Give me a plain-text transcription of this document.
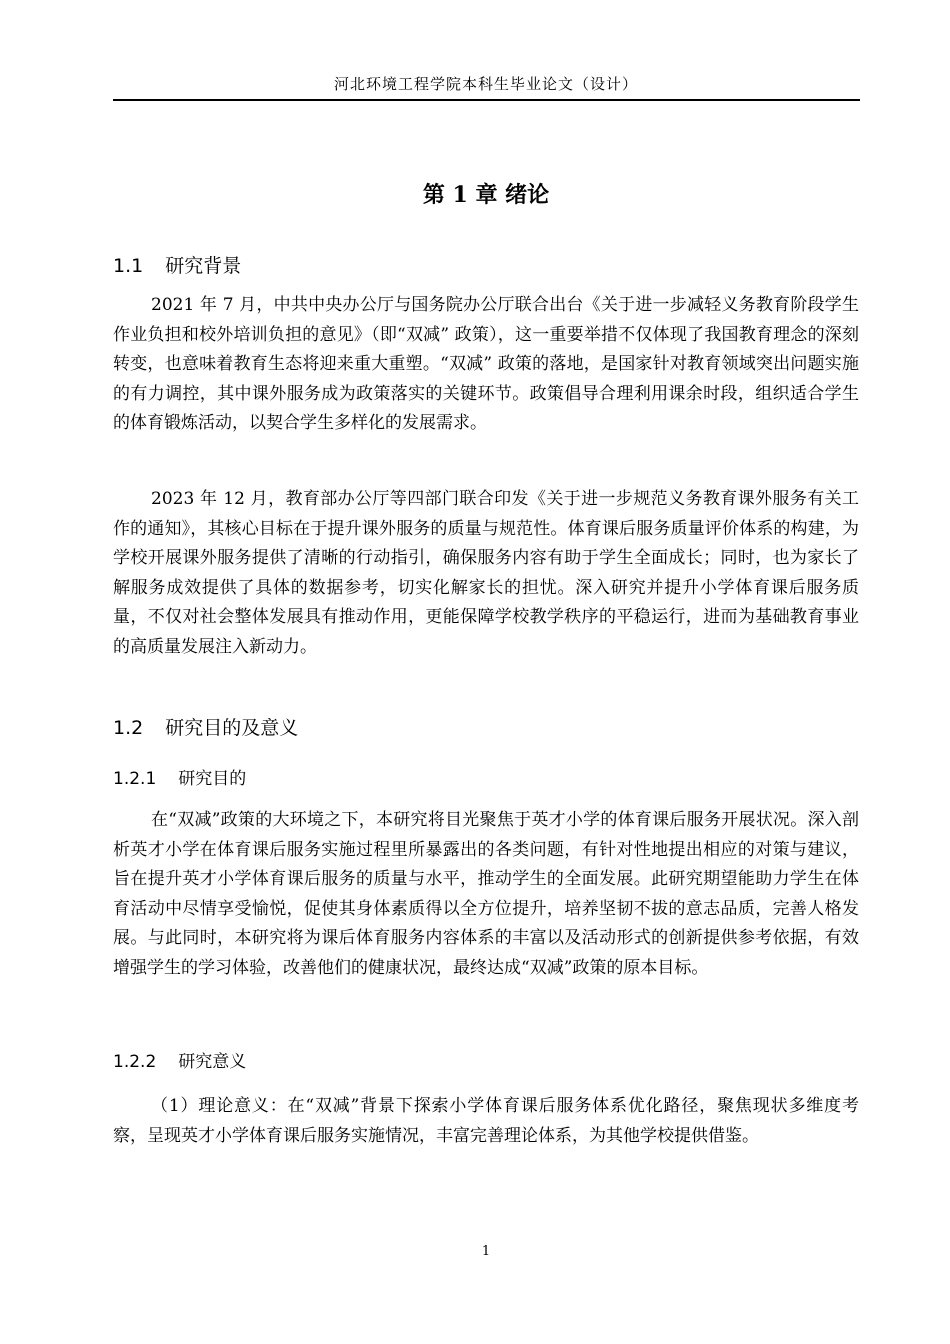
河北环境工程学院本科生毕业论文（设计）
第 1 章 绪论
1.1 研究背景

2021 年 7 月，中共中央办公厅与国务院办公厅联合出台《关于进一步减轻义务教育阶段学生作业负担和校外培训负担的意见》（即“双减” 政策），这一重要举措不仅体现了我国教育理念的深刻转变，也意味着教育生态将迎来重大重塑。“双减” 政策的落地，是国家针对教育领域突出问题实施的有力调控，其中课外服务成为政策落实的关键环节。政策倡导合理利用课余时段，组织适合学生的体育锻炼活动，以契合学生多样化的发展需求。

2023 年 12 月，教育部办公厅等四部门联合印发《关于进一步规范义务教育课外服务有关工作的通知》，其核心目标在于提升课外服务的质量与规范性。体育课后服务质量评价体系的构建，为学校开展课外服务提供了清晰的行动指引，确保服务内容有助于学生全面成长；同时，也为家长了解服务成效提供了具体的数据参考，切实化解家长的担忧。深入研究并提升小学体育课后服务质量，不仅对社会整体发展具有推动作用，更能保障学校教学秩序的平稳运行，进而为基础教育事业的高质量发展注入新动力。

1.2 研究目的及意义
1.2.1 研究目的

在“双减”政策的大环境之下，本研究将目光聚焦于英才小学的体育课后服务开展状况。深入剖析英才小学在体育课后服务实施过程里所暴露出的各类问题，有针对性地提出相应的对策与建议，旨在提升英才小学体育课后服务的质量与水平，推动学生的全面发展。此研究期望能助力学生在体育活动中尽情享受愉悦，促使其身体素质得以全方位提升，培养坚韧不拔的意志品质，完善人格发展。与此同时，本研究将为课后体育服务内容体系的丰富以及活动形式的创新提供参考依据，有效增强学生的学习体验，改善他们的健康状况，最终达成“双减”政策的原本目标。

1.2.2 研究意义

（1）理论意义：在“双减”背景下探索小学体育课后服务体系优化路径，聚焦现状多维度考察，呈现英才小学体育课后服务实施情况，丰富完善理论体系，为其他学校提供借鉴。

1
